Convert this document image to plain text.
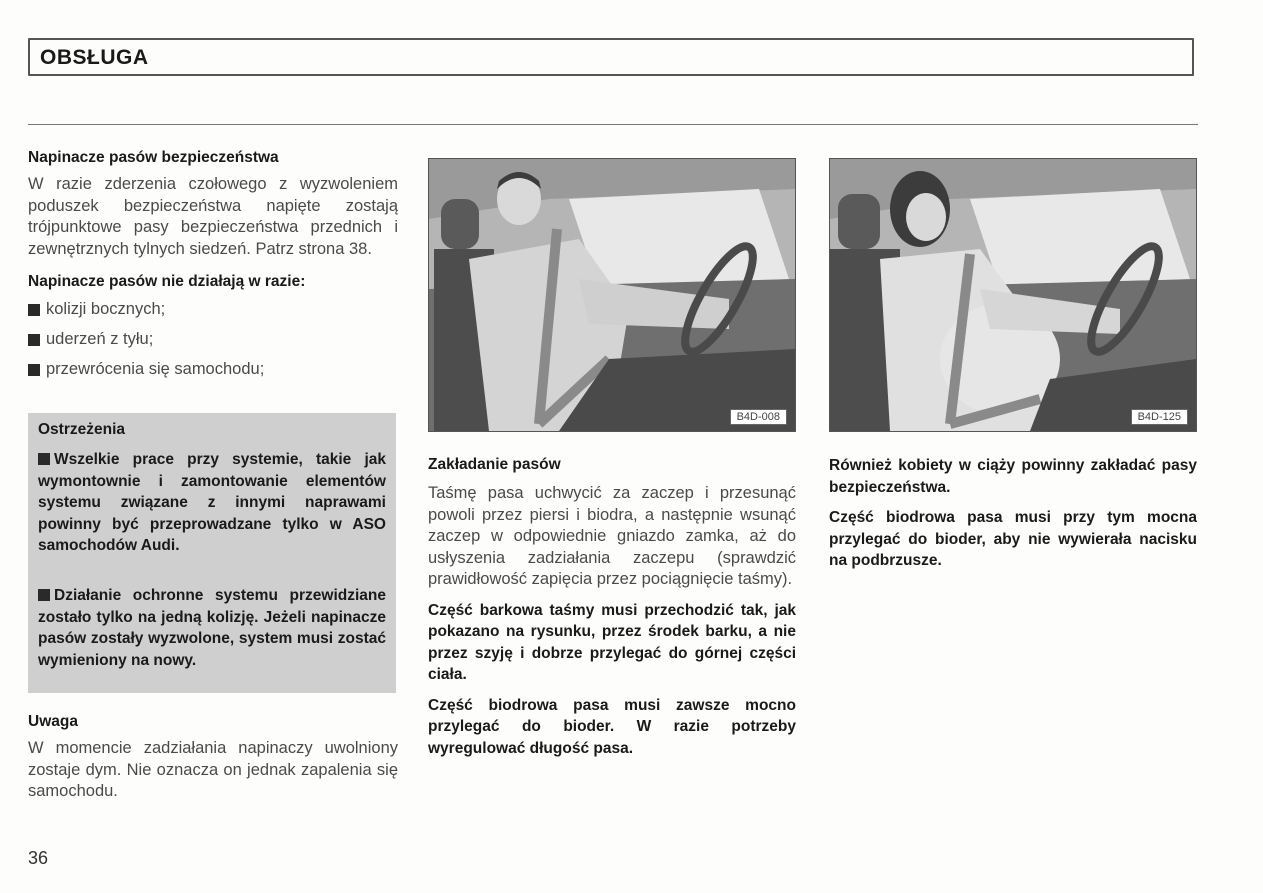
OBSŁUGA

Napinacze pasów bezpieczeństwa

W razie zderzenia czołowego z wyzwoleniem poduszek bezpieczeństwa napięte zostają trójpunktowe pasy bezpieczeństwa przednich i zewnętrznych tylnych siedzeń. Patrz strona 38.

Napinacze pasów nie działają w razie:

kolizji bocznych;
uderzeń z tyłu;
przewrócenia się samochodu;
Ostrzeżenia
Wszelkie prace przy systemie, takie jak wymontownie i zamontowanie elementów systemu związane z innymi naprawami powinny być przeprowadzane tylko w ASO samochodów Audi.
Działanie ochronne systemu przewidziane zostało tylko na jedną kolizję. Jeżeli napinacze pasów zostały wyzwolone, system musi zostać wymieniony na nowy.

Uwaga

W momencie zadziałania napinaczy uwolniony zostaje dym. Nie oznacza on jednak zapalenia się samochodu.

B4D-008

Zakładanie pasów

Taśmę pasa uchwycić za zaczep i przesunąć powoli przez piersi i biodra, a następnie wsunąć zaczep w odpowiednie gniazdo zamka, aż do usłyszenia zadziałania zaczepu (sprawdzić prawidłowość zapięcia przez pociągnięcie taśmy).

Część barkowa taśmy musi przechodzić tak, jak pokazano na rysunku, przez środek barku, a nie przez szyję i dobrze przylegać do górnej części ciała.

Część biodrowa pasa musi zawsze mocno przylegać do bioder. W razie potrzeby wyregulować długość pasa.

B4D-125

Również kobiety w ciąży powinny zakładać pasy bezpieczeństwa.

Część biodrowa pasa musi przy tym mocna przylegać do bioder, aby nie wywierała nacisku na podbrzusze.

36
